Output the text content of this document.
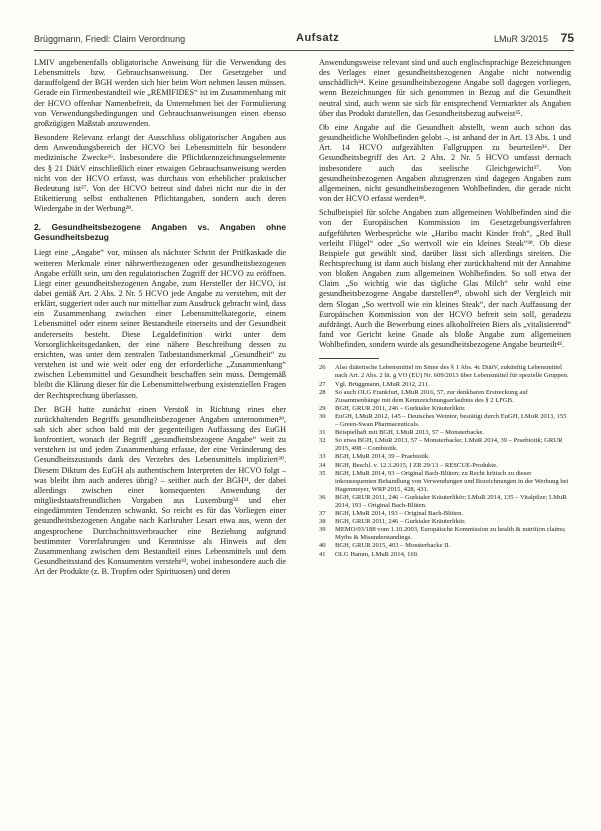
Brüggmann, Friedl: Claim Verordnung	Aufsatz	LMuR 3/2015 75

LMIV angebenenfalls obligatorische Anweisung für die Verwendung des Lebensmittels bzw. Gebrauchsanweisung. Der Gesetzgeber und darauffolgend der BGH werden sich hier beim Wort nehmen lassen müssen. Gerade ein Firmenbestandteil wie „REMIFIDES“ ist im Zusammenhang mit der HCVO offenbar Namenbefreit, da Unternehmen bei der Formulierung von Verwendungsbedingungen und Gebrauchsanweisungen einen ebenso großzügigen Maßstab anzuwenden.

Besondere Relevanz erlangt der Ausschluss obligatorischer Angaben aus dem Anwendungsbereich der HCVO bei Lebensmitteln für besondere medizinische Zwecke²⁶. Insbesondere die Pflichtkennzeichnungselemente des § 21 DiätV einschließlich einer etwaigen Gebrauchsanweisung werden nicht von der HCVO erfasst, was durchaus von erheblicher praktischer Bedeutung ist²⁷. Von der HCVO betreut sind dabei nicht nur die in der Etikettierung selbst enthaltenen Pflichtangaben, sondern auch deren Wiedergabe in der Werbung²⁸.

2. Gesundheitsbezogene Angaben vs. Angaben ohne Gesundheitsbezug

Liegt eine „Angabe“ vor, müssen als nächster Schritt der Prüfkaskade die weiteren Merkmale einer nährwertbezogenen oder gesundheitsbezogenen Angabe erfüllt sein, um den regulatorischen Zugriff der HCVO zu eröffnen. Liegt einer gesundheitsbezogenen Angabe, zum Hersteller der HCVO, ist dabei gemäß Art. 2 Abs. 2 Nr. 5 HCVO jede Angabe zu verstehen, mit der erklärt, suggeriert oder auch nur mittelbar zum Ausdruck gebracht wird, dass ein Zusammenhang zwischen einer Lebensmittelkategorie, einem Lebensmittel oder einem seiner Bestandteile einerseits und der Gesundheit andererseits besteht. Diese Legaldefinition wirkt unter dem Vorsorglichkeitsgedanken, der eine nähere Beschreibung dessen zu ersichten, was unter dem zentralen Tatbestandsmerkmal „Gesundheit“ zu verstehen ist und wie weit oder eng der erforderliche „Zusammenhang“ zwischen Lebensmittel und Gesundheit beschaffen sein muss. Demgemäß bleibt die Klärung dieser für die Lebensmittelwerbung existenziellen Fragen der Rechtsprechung überlassen.

Der BGH hatte zunächst einen Verstoß in Richtung eines eher zurückhaltenden Begriffs gesundheitsbezogener Angaben unternommen²⁹, sah sich aber schon bald mit der gegenteiligen Auffassung des EuGH konfrontiert, wonach der Begriff „gesundheitsbezogene Angabe“ weit zu verstehen ist und jeden Zusammenhang erfasse, der eine Veränderung des Gesundheitszustands dank des Verzehrs des Lebensmittels impliziert³⁰. Diesem Diktum des EuGH als authentischem Interpreten der HCVO folgt – was bleibt ihm auch anderes übrig? – seither auch der BGH³¹, der dabei allerdings zwischen einer konsequenten Anwendung der mitgliedstaatsfreundlichen Vorgaben aus Luxemburg³² und eher eingedämmten Tendenzen schwankt. So reicht es für das Vorliegen einer gesundheitsbezogenen Angabe nach Karlsruher Lesart etwa aus, wenn der angesprochene Durchschnittsverbraucher eine Beziehung aufgrund bestimmter Vorerfahrungen und Kenntnisse als Hinweis auf den Zusammenhang zwischen dem Bestandteil eines Lebensmittels und dem Gesundheitsstand des Konsumenten versteht³³, wobei insbesondere auch die Art der Produkte (z. B. Tropfen oder Spirituosen) und deren

Anwendungsweise relevant sind und auch englischsprachige Bezeichnungen des Verlages einer gesundheitsbezogenen Angabe nicht notwendig unschädlich³⁴. Keine gesundheitsbezogene Angabe soll dagegen vorliegen, wenn Bezeichnungen für sich genommen in Bezug auf die Gesundheit neutral sind, auch wenn sie sich für entsprechend Vermarkter als Angaben über das Produkt darstellen, das Gesundheitsbezug aufweist³⁵.

Ob eine Angabe auf die Gesundheit abstellt, wenn auch schon das gesundheitliche Wohlbefinden gelobt –, ist anhand der in Art. 13 Abs. 1 und Art. 14 HCVO aufgezählten Fallgruppen zu beurteilen³⁶. Der Gesundheitsbegriff des Art. 2 Abs. 2 Nr. 5 HCVO umfasst dernach insbesondere auch das seelische Gleichgewicht³⁷. Von gesundheitsbezogenen Angaben abzugrenzen sind dagegen Angaben zum allgemeinen, nicht gesundheitsbezogenen Wohlbefinden, die gerade nicht von der HCVO erfasst werden³⁸.

Schulbeispiel für solche Angaben zum allgemeinen Wohlbefinden sind die von der Europäischen Kommission im Gesetzgebungsverfahren aufgeführten Werbesprüche wie „Haribo macht Kinder froh“, „Red Bull verleiht Flügel“ oder „So wertvoll wie ein kleines Steak“³⁹. Ob diese Beispiele gut gewählt sind, darüber lässt sich allerdings streiten. Die Rechtsprechung ist dann auch bislang eher zurückhaltend mit der Annahme von bloßen Angaben zum allgemeinen Wohlbefinden. So soll etwa der Claim „So wichtig wie das tägliche Glas Milch“ sehr wohl eine gesundheitsbezogene Angabe darstellen⁴⁰, obwohl sich der Vergleich mit dem Slogan „So wertvoll wie ein kleines Steak“, der nach Auffassung der Europäischen Kommission von der HCVO befreit sein soll, geradezu aufdrängt. Auch die Bewerbung eines alkoholfreien Biers als „vitalisierend“ fand vor Gericht keine Gnade als bloße Angabe zum allgemeinen Wohlbefinden, sondern wurde als gesundheitsbezogene Angabe beurteilt⁴¹.

26	Also diätetische Lebensmittel im Sinne des § 1 Abs. 4c DiätV, zukünftig Lebensmittel nach Art. 2 Abs. 2 lit. g VO (EU) Nr. 609/2013 über Lebensmittel für spezielle Gruppen.
27	Vgl. Brüggmann, LMuR 2012, 211.
28	So auch OLG Frankfurt, LMuR 2016, 57, zur denkbaren Erstreckung auf Zusammenhänge mit dem Kennzeichnungserlaubnis des § 2 LFGB.
29	BGH, GRUR 2011, 246 – Gurktaler Kräuterlikör.
30	EuGH, LMuR 2012, 145 – Deutsches Weintor, bestätigt durch EuGH, LMuR 2013, 155 – Green-Swan Pharmaceuticals.
31	Beispielhaft mit BGH, LMuR 2013, 57 – Monsterbacke.
32	So etwa BGH, LMuR 2013, 57 – Monsterbacke; LMuR 2014, 39 – Praebiotik; GRUR 2015, 498 – Combiotik.
33	BGH, LMuR 2014, 39 – Praebiotik.
34	BGH, Beschl. v. 12.3.2015, I ZR 29/13 – RESCUE-Produkte.
35	BGH, LMuR 2014, 93 – Original Bach-Blüten; zu Recht kritisch zu dieser inkonsequenten Behandlung von Verwendungen und Bezeichnungen in der Werbung bei Hagenmeyer, WRP 2015, 428, 431.
36	BGH, GRUR 2011, 246 – Gurktaler Kräuterlikör; LMuR 2014, 135 – Vitalpilze; LMuR 2014, 193 – Original Bach-Blüten.
37	BGH, LMuR 2014, 193 – Original Bach-Blüten.
38	BGH, GRUR 2011, 246 – Gurktaler Kräuterlikör.
39	MEMO/03/188 vom 1.10.2003, Europäische Kommission zu health & nutrition claims; Myths & Misunderstandings.
40	BGH, GRUR 2015, 403 – Monsterbacke II.
41	OLG Hamm, LMuR 2014, 169.
